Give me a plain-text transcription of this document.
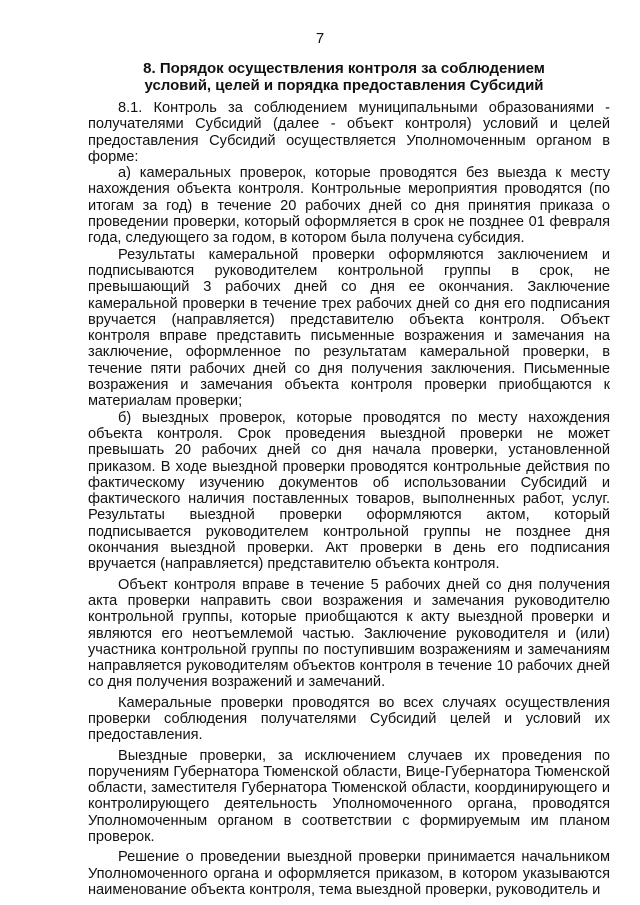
7
8. Порядок осуществления контроля за соблюдением условий, целей и порядка предоставления Субсидий

8.1. Контроль за соблюдением муниципальными образованиями - получателями Субсидий (далее - объект контроля) условий и целей предоставления Субсидий осуществляется Уполномоченным органом в форме:

а) камеральных проверок, которые проводятся без выезда к месту нахождения объекта контроля. Контрольные мероприятия проводятся (по итогам за год) в течение 20 рабочих дней со дня принятия приказа о проведении проверки, который оформляется в срок не позднее 01 февраля года, следующего за годом, в котором была получена субсидия.

Результаты камеральной проверки оформляются заключением и подписываются руководителем контрольной группы в срок, не превышающий 3 рабочих дней со дня ее окончания. Заключение камеральной проверки в течение трех рабочих дней со дня его подписания вручается (направляется) представителю объекта контроля. Объект контроля вправе представить письменные возражения и замечания на заключение, оформленное по результатам камеральной проверки, в течение пяти рабочих дней со дня получения заключения. Письменные возражения и замечания объекта контроля проверки приобщаются к материалам проверки;

б) выездных проверок, которые проводятся по месту нахождения объекта контроля. Срок проведения выездной проверки не может превышать 20 рабочих дней со дня начала проверки, установленной приказом. В ходе выездной проверки проводятся контрольные действия по фактическому изучению документов об использовании Субсидий и фактического наличия поставленных товаров, выполненных работ, услуг. Результаты выездной проверки оформляются актом, который подписывается руководителем контрольной группы не позднее дня окончания выездной проверки. Акт проверки в день его подписания вручается (направляется) представителю объекта контроля.

Объект контроля вправе в течение 5 рабочих дней со дня получения акта проверки направить свои возражения и замечания руководителю контрольной группы, которые приобщаются к акту выездной проверки и являются его неотъемлемой частью. Заключение руководителя и (или) участника контрольной группы по поступившим возражениям и замечаниям направляется руководителям объектов контроля в течение 10 рабочих дней со дня получения возражений и замечаний.

Камеральные проверки проводятся во всех случаях осуществления проверки соблюдения получателями Субсидий целей и условий их предоставления.

Выездные проверки, за исключением случаев их проведения по поручениям Губернатора Тюменской области, Вице-Губернатора Тюменской области, заместителя Губернатора Тюменской области, координирующего и контролирующего деятельность Уполномоченного органа, проводятся Уполномоченным органом в соответствии с формируемым им планом проверок.

Решение о проведении выездной проверки принимается начальником Уполномоченного органа и оформляется приказом, в котором указываются наименование объекта контроля, тема выездной проверки, руководитель и
